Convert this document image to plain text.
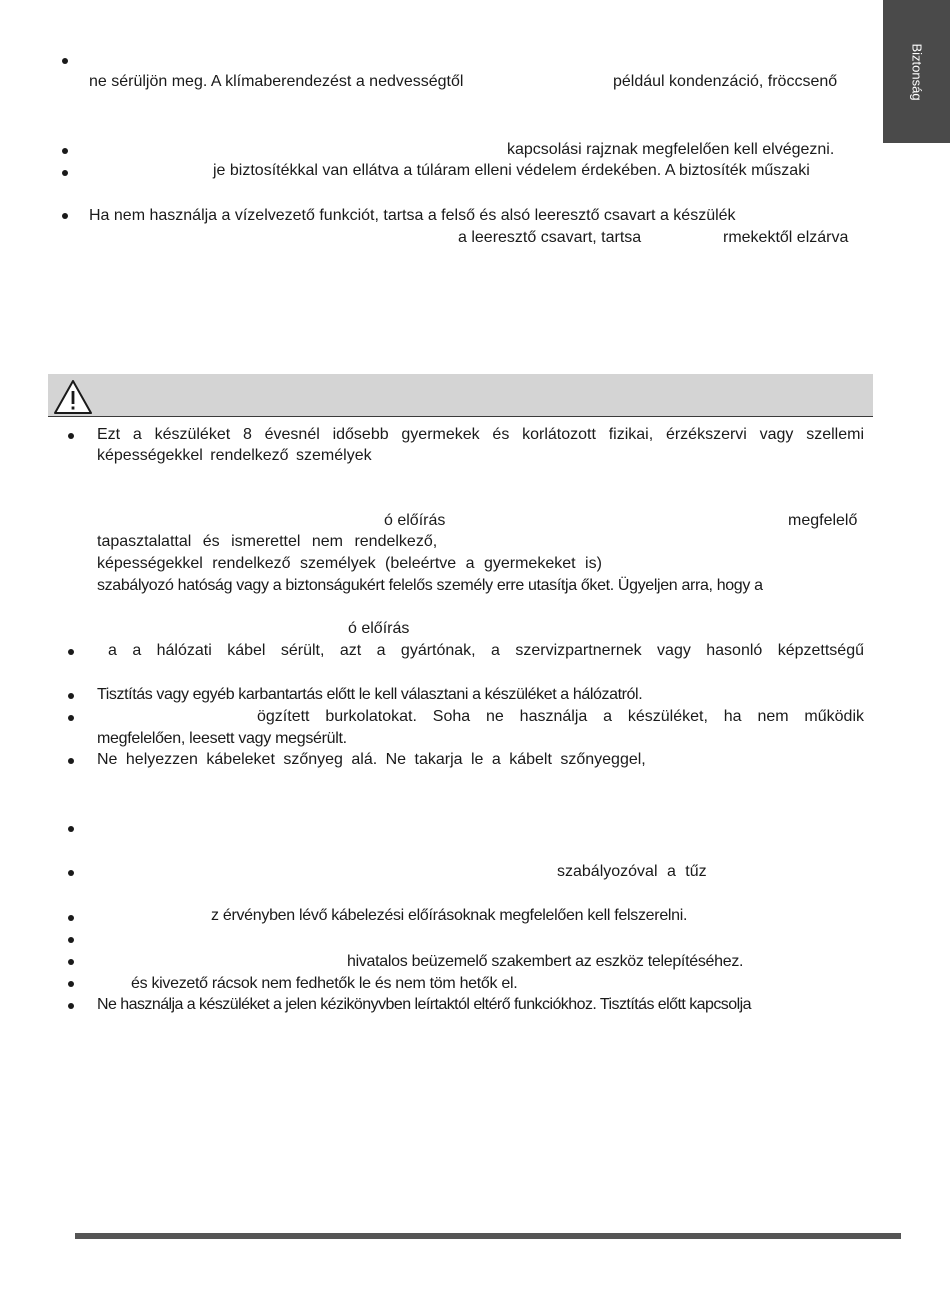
Biztonság
ne sérüljön meg. A klímaberendezést a nedvességtől	például kondenzáció, fröccsenő
kapcsolási rajznak megfelelően kell elvégezni.
je biztosítékkal van ellátva a túláram elleni védelem érdekében. A biztosíték műszaki
Ha nem használja a vízelvezető funkciót, tartsa a felső és alsó leeresztő csavart a készülék
a leeresztő csavart, tartsa	rmekektől elzárva
Ezt a készüléket 8 évesnél idősebb gyermekek és korlátozott fizikai, érzékszervi vagy szellemi
képességekkel rendelkező személyek
ó előírás	megfelelő
tapasztalattal és ismerettel nem rendelkező,
képességekkel rendelkező személyek (beleértve a gyermekeket is)
szabályozó hatóság vagy a biztonságukért felelős személy erre utasítja őket. Ügyeljen arra, hogy a
ó előírás
a a hálózati kábel sérült, azt a gyártónak, a szervizpartnernek vagy hasonló képzettségű
Tisztítás vagy egyéb karbantartás előtt le kell választani a készüléket a hálózatról.
ögzített burkolatokat. Soha ne használja a készüléket, ha nem működik
megfelelően, leesett vagy megsérült.
Ne helyezzen kábeleket szőnyeg alá. Ne takarja le a kábelt szőnyeggel,
szabályozóval a tűz
z érvényben lévő kábelezési előírásoknak megfelelően kell felszerelni.
hivatalos beüzemelő szakembert az eszköz telepítéséhez.
és kivezető rácsok nem fedhetők le és nem töm hetők el.
Ne használja a készüléket a jelen kézikönyvben leírtaktól eltérő funkciókhoz. Tisztítás előtt kapcsolja
